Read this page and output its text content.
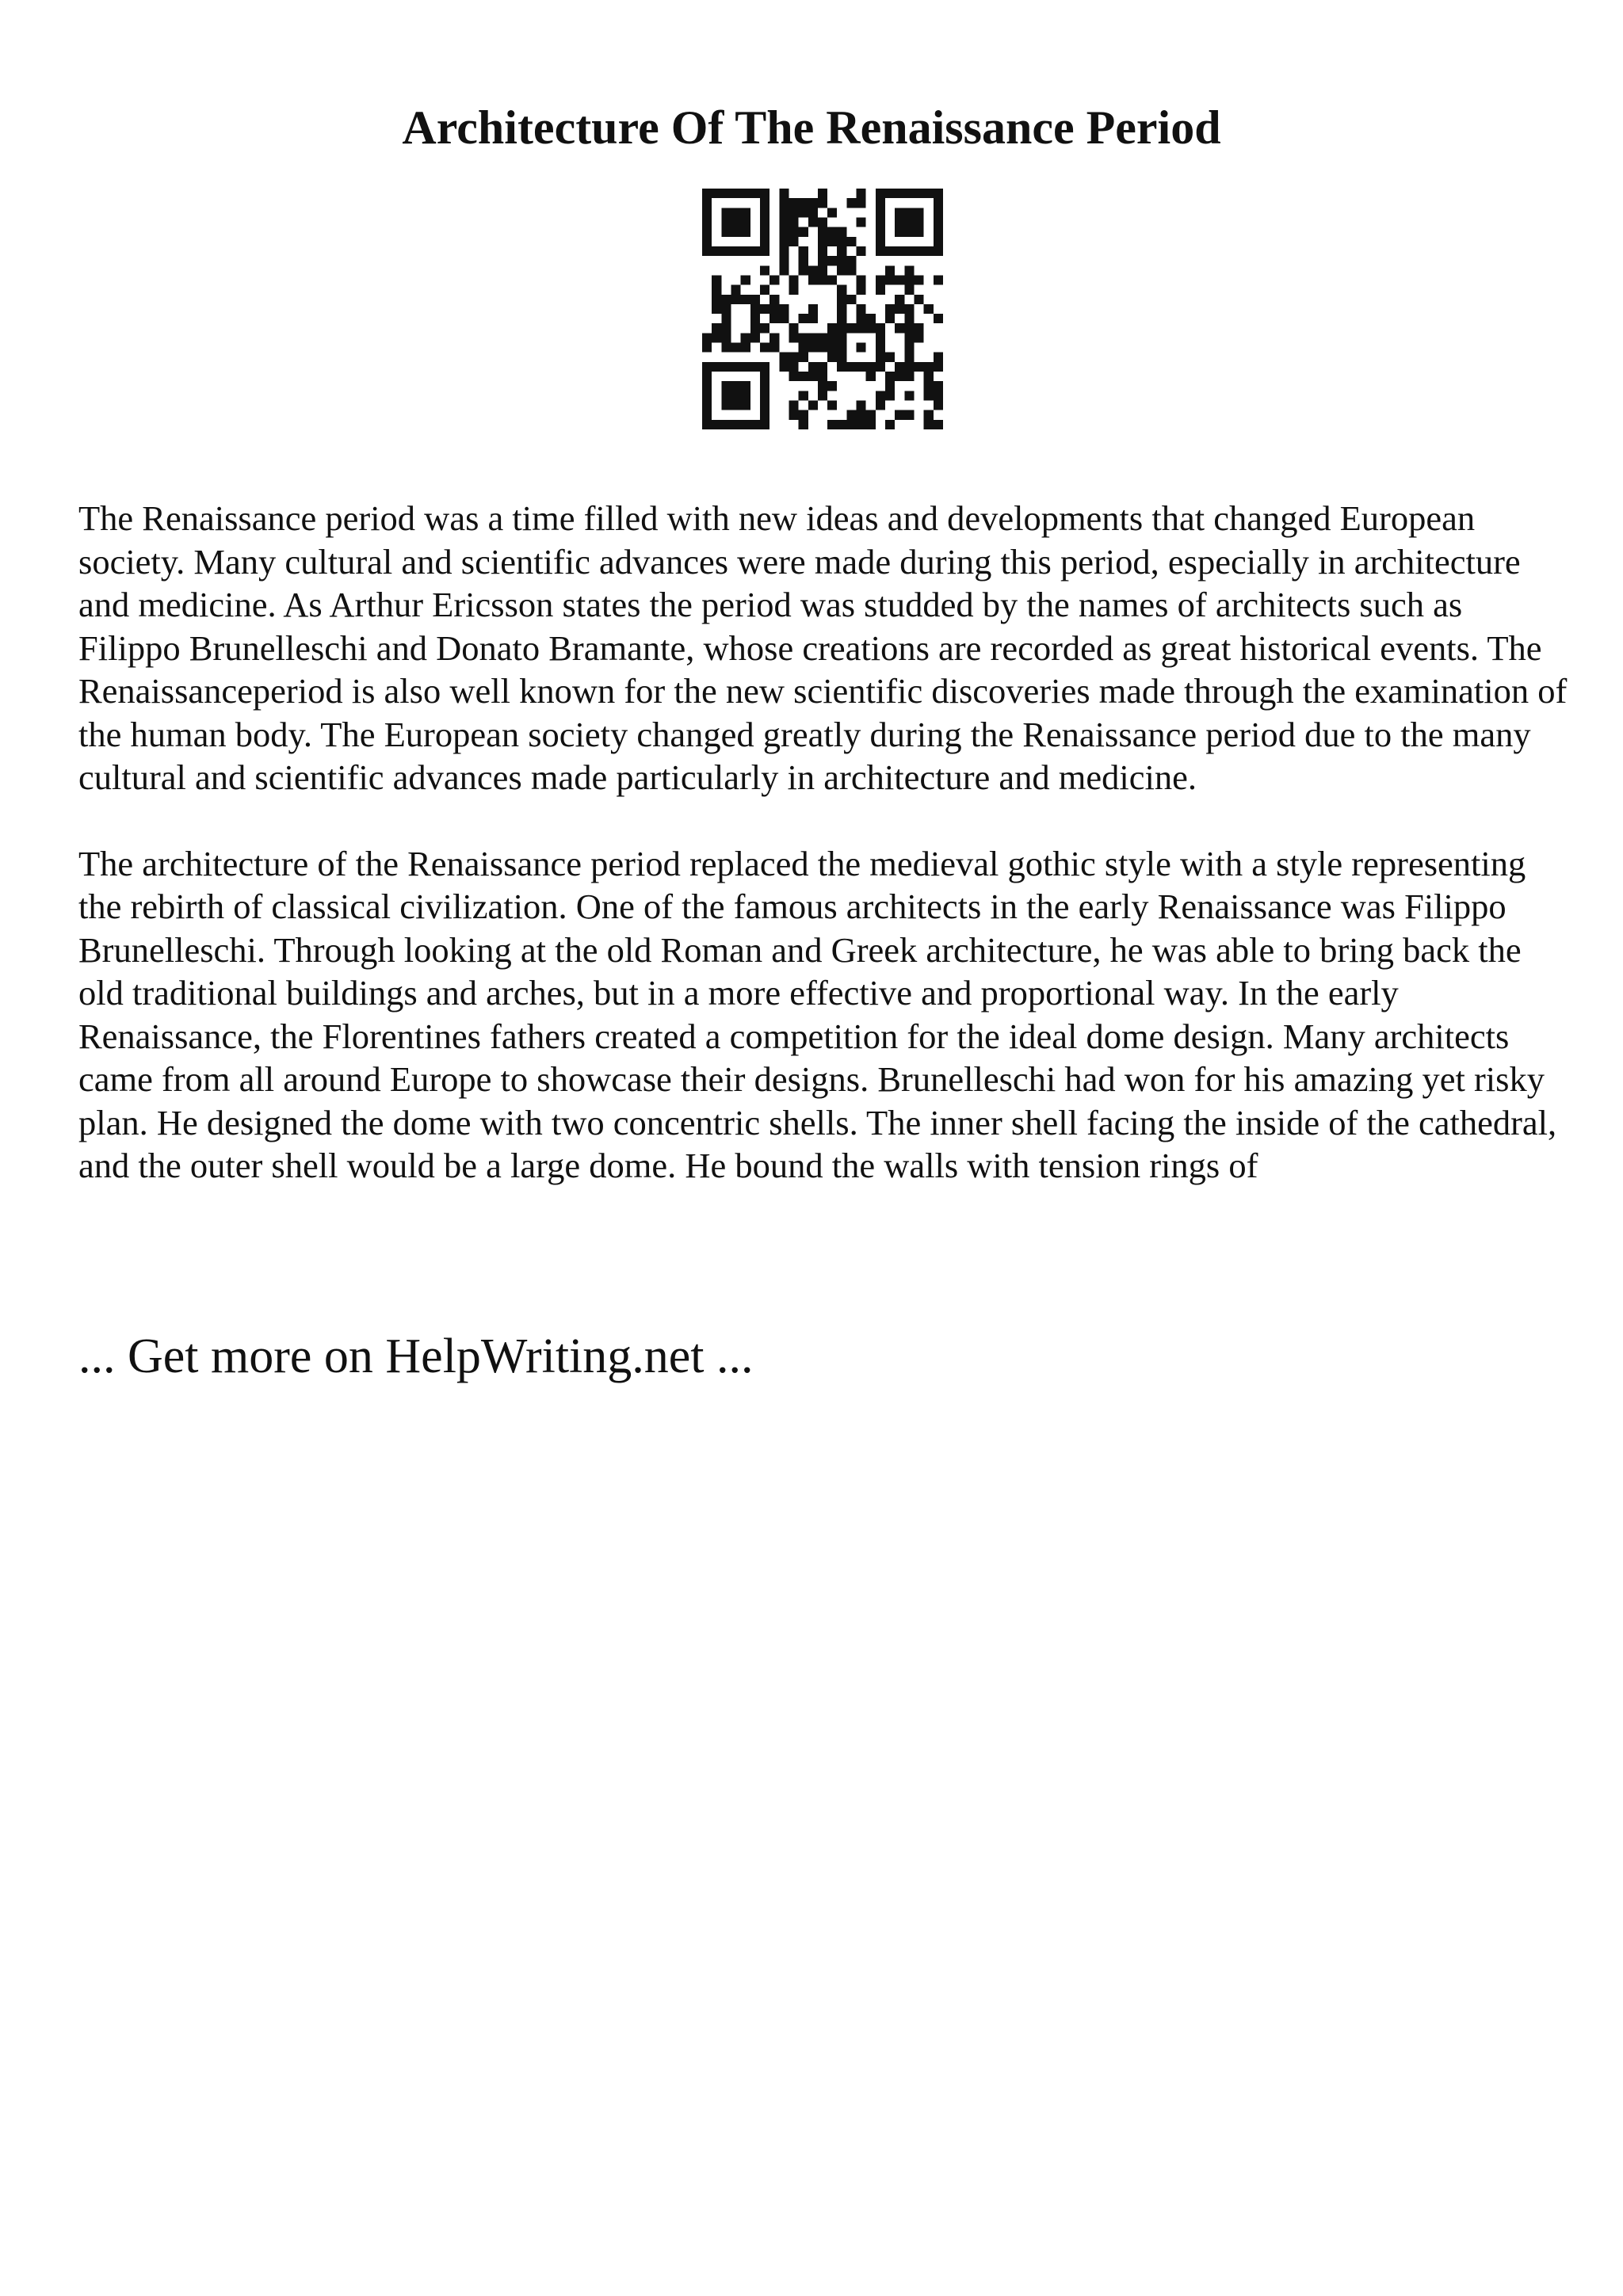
Architecture Of The Renaissance Period

The Renaissance period was a time filled with new ideas and developments that changed European society. Many cultural and scientific advances were made during this period, especially in architecture and medicine. As Arthur Ericsson states the period was studded by the names of architects such as Filippo Brunelleschi and Donato Bramante, whose creations are recorded as great historical events. The Renaissanceperiod is also well known for the new scientific discoveries made through the examination of the human body. The European society changed greatly during the Renaissance period due to the many cultural and scientific advances made particularly in architecture and medicine.

The architecture of the Renaissance period replaced the medieval gothic style with a style representing the rebirth of classical civilization. One of the famous architects in the early Renaissance was Filippo Brunelleschi. Through looking at the old Roman and Greek architecture, he was able to bring back the old traditional buildings and arches, but in a more effective and proportional way. In the early Renaissance, the Florentines fathers created a competition for the ideal dome design. Many architects came from all around Europe to showcase their designs. Brunelleschi had won for his amazing yet risky plan. He designed the dome with two concentric shells. The inner shell facing the inside of the cathedral, and the outer shell would be a large dome. He bound the walls with tension rings of

... Get more on HelpWriting.net ...
